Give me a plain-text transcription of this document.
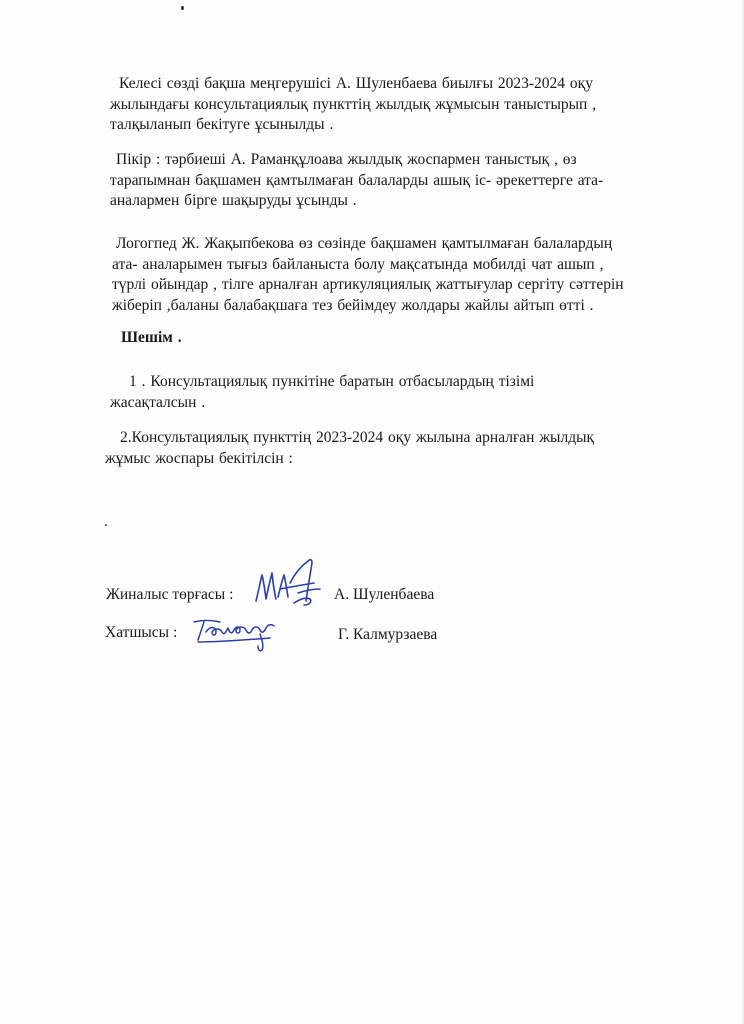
Келесі сөзді бақша меңгерушісі А. Шуленбаева биылғы 2023-2024 оқу
жылындағы консультациялық пункттің жылдық жұмысын таныстырып ,
талқыланып бекітуге ұсынылды .

Пікір : тәрбиеші А. Раманқұлоава жылдық жоспармен таныстық , өз
тарапымнан бақшамен қамтылмаған балаларды ашық іс- әрекеттерге ата-
аналармен бірге шақыруды ұсынды .

Логогпед Ж. Жақыпбекова өз сөзінде бақшамен қамтылмаған балалардың
ата- аналарымен тығыз байланыста болу мақсатында мобилді чат ашып ,
түрлі ойындар , тілге арналған артикуляциялық жаттығулар сергіту сәттерін
жіберіп ,баланы балабақшаға тез бейімдеу жолдары жайлы айтып өтті .

Шешім .

1 . Консультациялық пункітіне баратын отбасылардың тізімі
жасақталсын .

2.Консультациялық пункттің 2023-2024 оқу жылына арналған жылдық
жұмыс жоспары бекітілсін :

.

Жиналыс төрғасы :	А. Шуленбаева
Хатшысы :	Г. Калмурзаева
